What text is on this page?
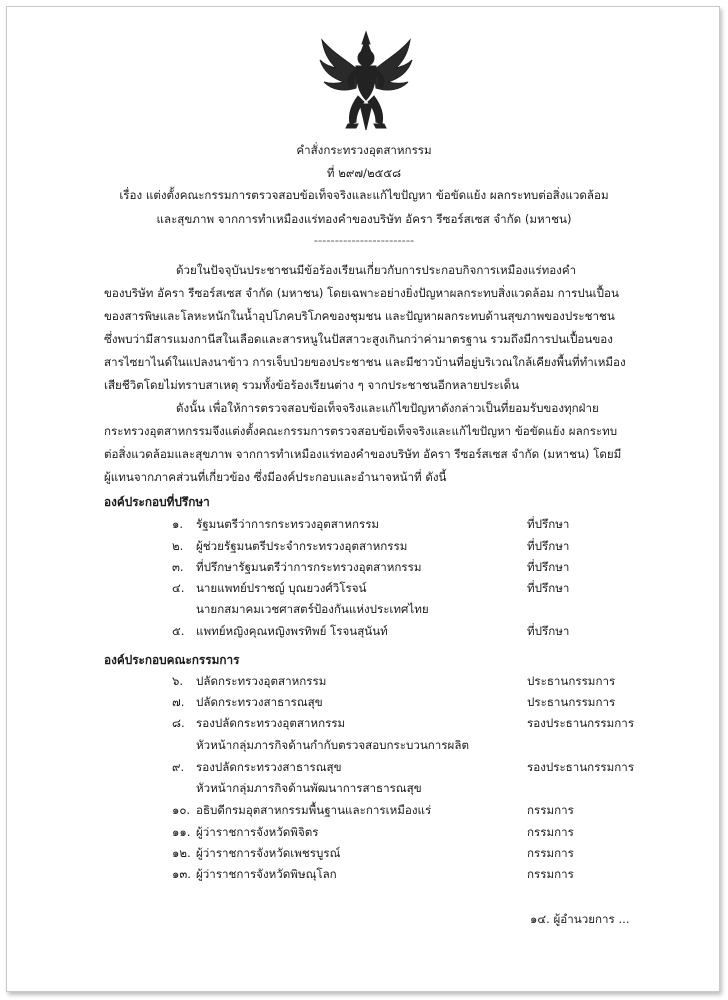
คำสั่งกระทรวงอุตสาหกรรม
ที่ ๒๙๗/๒๕๕๘
เรื่อง แต่งตั้งคณะกรรมการตรวจสอบข้อเท็จจริงและแก้ไขปัญหา ข้อขัดแย้ง ผลกระทบต่อสิ่งแวดล้อม
และสุขภาพ จากการทำเหมืองแร่ทองคำของบริษัท อัครา รีซอร์สเซส จำกัด (มหาชน)
------------------------
ด้วยในปัจจุบันประชาชนมีข้อร้องเรียนเกี่ยวกับการประกอบกิจการเหมืองแร่ทองคำ
ของบริษัท อัครา รีซอร์สเซส จำกัด (มหาชน) โดยเฉพาะอย่างยิ่งปัญหาผลกระทบสิ่งแวดล้อม การปนเปื้อน
ของสารพิษและโลหะหนักในน้ำอุปโภคบริโภคของชุมชน และปัญหาผลกระทบด้านสุขภาพของประชาชน
ซึ่งพบว่ามีสารแมงกานีสในเลือดและสารหนูในปัสสาวะสูงเกินกว่าค่ามาตรฐาน รวมถึงมีการปนเปื้อนของ
สารไซยาไนด์ในแปลงนาข้าว การเจ็บป่วยของประชาชน และมีชาวบ้านที่อยู่บริเวณใกล้เคียงพื้นที่ทำเหมือง
เสียชีวิตโดยไม่ทราบสาเหตุ รวมทั้งข้อร้องเรียนต่าง ๆ จากประชาชนอีกหลายประเด็น
ดังนั้น เพื่อให้การตรวจสอบข้อเท็จจริงและแก้ไขปัญหาดังกล่าวเป็นที่ยอมรับของทุกฝ่าย
กระทรวงอุตสาหกรรมจึงแต่งตั้งคณะกรรมการตรวจสอบข้อเท็จจริงและแก้ไขปัญหา ข้อขัดแย้ง ผลกระทบ
ต่อสิ่งแวดล้อมและสุขภาพ จากการทำเหมืองแร่ทองคำของบริษัท อัครา รีซอร์สเซส จำกัด (มหาชน) โดยมี
ผู้แทนจากภาคส่วนที่เกี่ยวข้อง ซึ่งมีองค์ประกอบและอำนาจหน้าที่ ดังนี้
องค์ประกอบที่ปรึกษา
๑. รัฐมนตรีว่าการกระทรวงอุตสาหกรรม	ที่ปรึกษา
๒. ผู้ช่วยรัฐมนตรีประจำกระทรวงอุตสาหกรรม	ที่ปรึกษา
๓. ที่ปรึกษารัฐมนตรีว่าการกระทรวงอุตสาหกรรม	ที่ปรึกษา
๔. นายแพทย์ปราชญ์ บุณยวงศ์วิโรจน์	ที่ปรึกษา
นายกสมาคมเวชศาสตร์ป้องกันแห่งประเทศไทย
๕. แพทย์หญิงคุณหญิงพรทิพย์ โรจนสุนันท์	ที่ปรึกษา
องค์ประกอบคณะกรรมการ
๖. ปลัดกระทรวงอุตสาหกรรม	ประธานกรรมการ
๗. ปลัดกระทรวงสาธารณสุข	ประธานกรรมการ
๘. รองปลัดกระทรวงอุตสาหกรรม	รองประธานกรรมการ
หัวหน้ากลุ่มภารกิจด้านกำกับตรวจสอบกระบวนการผลิต
๙. รองปลัดกระทรวงสาธารณสุข	รองประธานกรรมการ
หัวหน้ากลุ่มภารกิจด้านพัฒนาการสาธารณสุข
๑๐. อธิบดีกรมอุตสาหกรรมพื้นฐานและการเหมืองแร่	กรรมการ
๑๑. ผู้ว่าราชการจังหวัดพิจิตร	กรรมการ
๑๒. ผู้ว่าราชการจังหวัดเพชรบูรณ์	กรรมการ
๑๓. ผู้ว่าราชการจังหวัดพิษณุโลก	กรรมการ
๑๔. ผู้อำนวยการ ...
